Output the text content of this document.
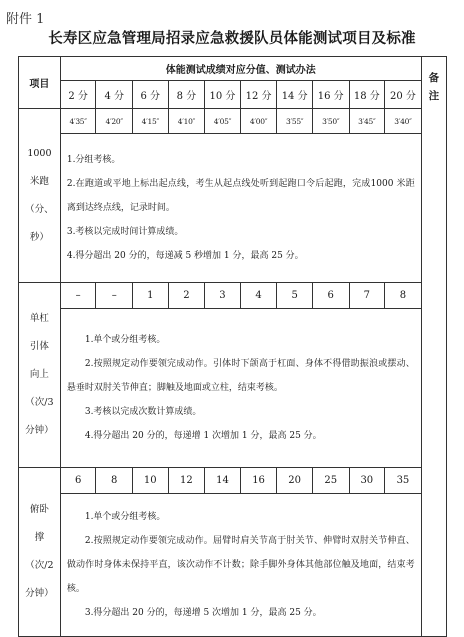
附件 1
长寿区应急管理局招录应急救援队员体能测试项目及标准
项目	体能测试成绩对应分值、测试办法										备
注

	2 分	4 分	6 分	8 分	10 分	12 分	14 分	16 分	18 分	20 分	

1000
米跑
（分、
秒）	4′35″	4′20″	4′15″	4′10″	4′05″	4′00″	3′55″	3′50″	3′45″	3′40″	

	1.分组考核。

2.在跑道或平地上标出起点线，考生从起点线处听到起跑口令后起跑，完成1000 米距离到达终点线，记录时间。

3.考核以完成时间计算成绩。

4.得分超出 20 分的，每递减 5 秒增加 1 分，最高 25 分。										

单杠
引体
向上
（次/3
分钟）	–	–	1	2	3	4	5	6	7	8	

	1.单个或分组考核。

2.按照规定动作要领完成动作。引体时下颌高于杠面、身体不得借助振浪或摆动、悬垂时双肘关节伸直；脚触及地面或立柱，结束考核。

3.考核以完成次数计算成绩。

4.得分超出 20 分的，每递增 1 次增加 1 分，最高 25 分。										

俯卧
撑
（次/2
分钟）	6	8	10	12	14	16	20	25	30	35	

	1.单个或分组考核。

2.按照规定动作要领完成动作。屈臂时肩关节高于肘关节、伸臂时双肘关节伸直、做动作时身体未保持平直，该次动作不计数；除手脚外身体其他部位触及地面，结束考核。

3.得分超出 20 分的，每递增 5 次增加 1 分，最高 25 分。										
